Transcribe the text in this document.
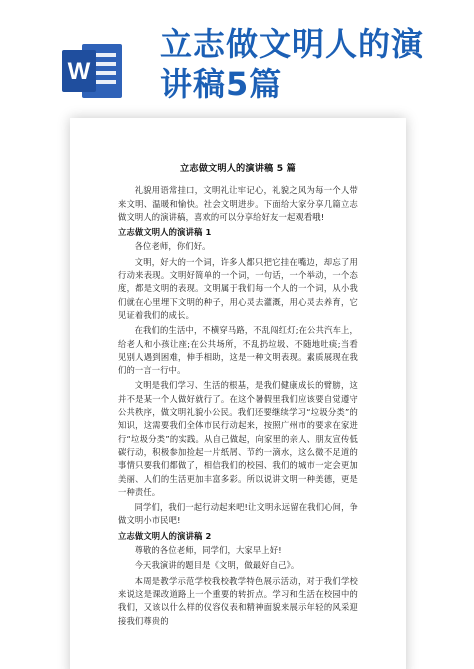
W
立志做文明人的演
讲稿5篇
立志做文明人的演讲稿 5 篇

礼貌用语常挂口，文明礼让牢记心，礼貌之风为每一个人带来文明、温暖和愉快。社会文明进步。下面给大家分享几篇立志做文明人的演讲稿，喜欢的可以分享给好友一起观看哦!

立志做文明人的演讲稿 1

各位老师，你们好。

文明，好大的一个词，许多人都只把它挂在嘴边，却忘了用行动来表现。文明好简单的一个词，一句话，一个举动，一个态度，都是文明的表现。文明属于我们每一个人的一个词，从小我们就在心里埋下文明的种子，用心灵去灌溉，用心灵去养育，它见证着我们的成长。

在我们的生活中，不横穿马路，不乱闯红灯;在公共汽车上，给老人和小孩让座;在公共场所，不乱扔垃圾、不随地吐痰;当看见别人遇到困难，伸手相助，这是一种文明表现。素质展现在我们的一言一行中。

文明是我们学习、生活的根基，是我们健康成长的臂膀，这并不是某一个人做好就行了。在这个暑假里我们应该要自觉遵守公共秩序，做文明礼貌小公民。我们还要继续学习“垃圾分类”的知识，这需要我们全体市民行动起来，按照广州市的要求在家进行“垃圾分类”的实践。从自己做起，向家里的亲人、朋友宣传低碳行动，积极参加捡起一片纸屑、节约一滴水，这么微不足道的事情只要我们都做了，相信我们的校园、我们的城市一定会更加美丽、人们的生活更加丰富多彩。所以说讲文明一种美德，更是一种责任。

同学们，我们一起行动起来吧!让文明永远留在我们心间，争做文明小市民吧!

立志做文明人的演讲稿 2

尊敬的各位老师，同学们，大家早上好!

今天我演讲的题目是《文明，做最好自己》。

本周是教学示范学校我校教学特色展示活动，对于我们学校来说这是课改道路上一个重要的转折点。学习和生活在校园中的我们，又该以什么样的仪容仪表和精神面貌来展示年轻的风采迎接我们尊贵的
